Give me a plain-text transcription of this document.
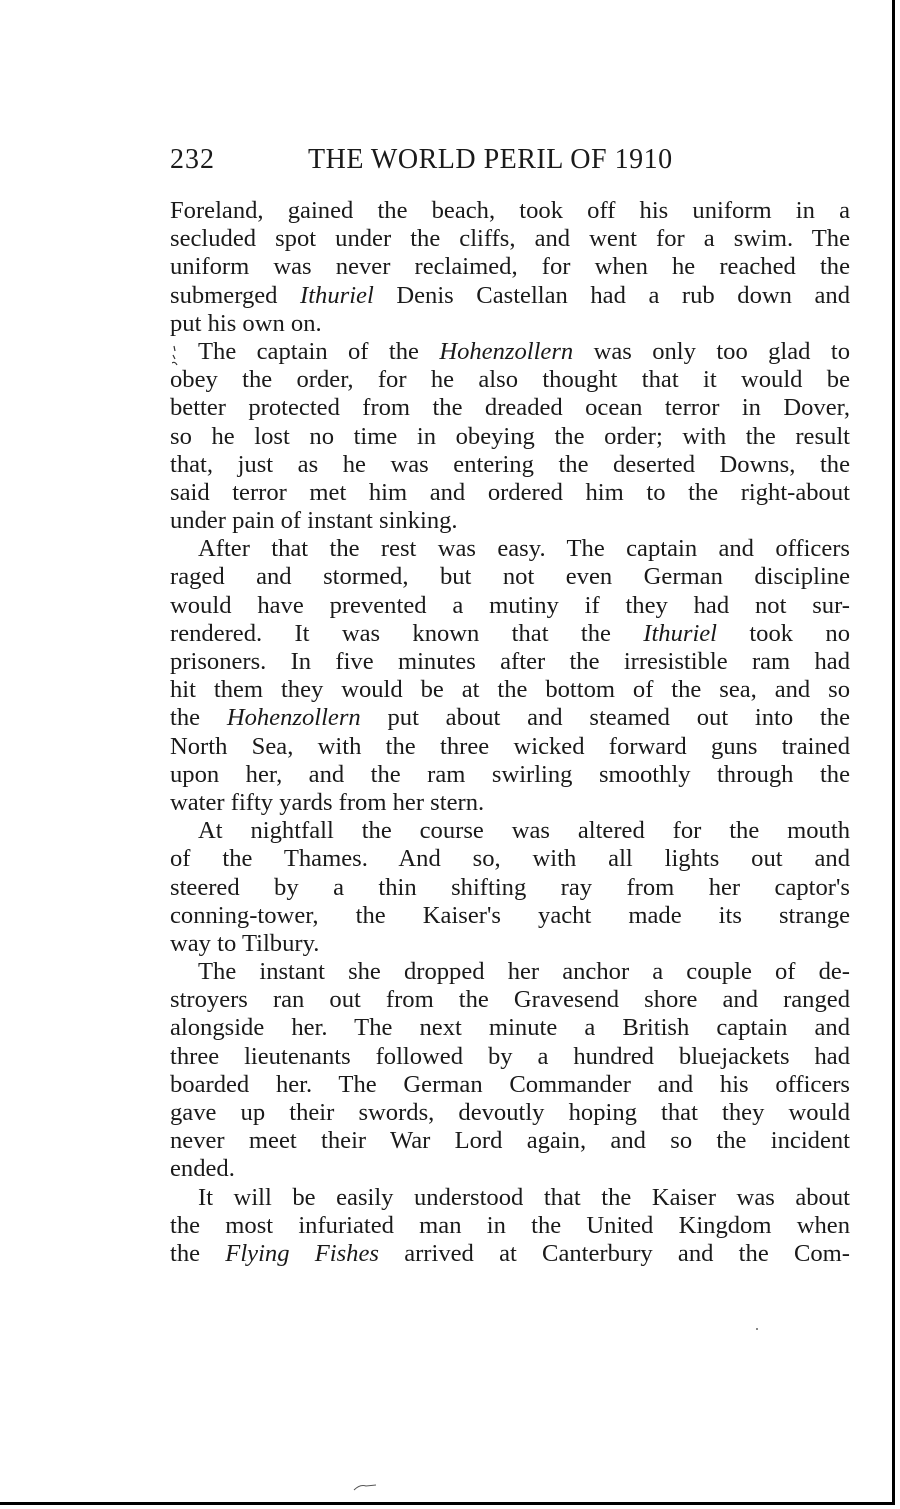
232	THE WORLD PERIL OF 1910
Foreland, gained the beach, took off his uniform in a
secluded spot under the cliffs, and went for a swim. The
uniform was never reclaimed, for when he reached the
submerged Ithuriel Denis Castellan had a rub down and
put his own on.
The captain of the Hohenzollern was only too glad to
obey the order, for he also thought that it would be
better protected from the dreaded ocean terror in Dover,
so he lost no time in obeying the order; with the result
that, just as he was entering the deserted Downs, the
said terror met him and ordered him to the right-about
under pain of instant sinking.
After that the rest was easy. The captain and officers
raged and stormed, but not even German discipline
would have prevented a mutiny if they had not sur-
rendered. It was known that the Ithuriel took no
prisoners. In five minutes after the irresistible ram had
hit them they would be at the bottom of the sea, and so
the Hohenzollern put about and steamed out into the
North Sea, with the three wicked forward guns trained
upon her, and the ram swirling smoothly through the
water fifty yards from her stern.
At nightfall the course was altered for the mouth
of the Thames. And so, with all lights out and
steered by a thin shifting ray from her captor's
conning-tower, the Kaiser's yacht made its strange
way to Tilbury.
The instant she dropped her anchor a couple of de-
stroyers ran out from the Gravesend shore and ranged
alongside her. The next minute a British captain and
three lieutenants followed by a hundred bluejackets had
boarded her. The German Commander and his officers
gave up their swords, devoutly hoping that they would
never meet their War Lord again, and so the incident
ended.
It will be easily understood that the Kaiser was about
the most infuriated man in the United Kingdom when
the Flying Fishes arrived at Canterbury and the Com-
